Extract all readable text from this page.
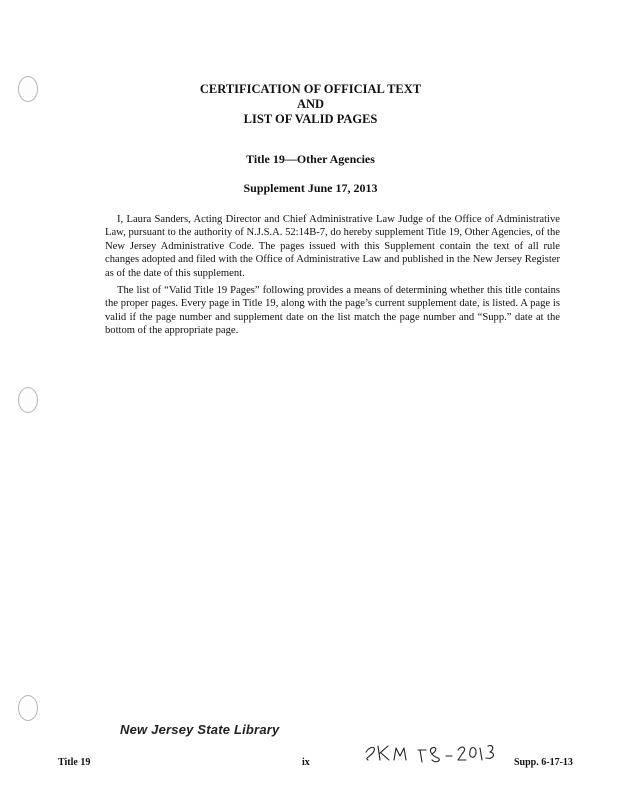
CERTIFICATION OF OFFICIAL TEXT
AND
LIST OF VALID PAGES
Title 19—Other Agencies
Supplement June 17, 2013

I, Laura Sanders, Acting Director and Chief Administrative Law Judge of the Office of Administrative Law, pursuant to the authority of N.J.S.A. 52:14B-7, do hereby supplement Title 19, Other Agencies, of the New Jersey Administrative Code. The pages issued with this Supplement contain the text of all rule changes adopted and filed with the Office of Administrative Law and published in the New Jersey Register as of the date of this supplement.

The list of “Valid Title 19 Pages” following provides a means of determining whether this title contains the proper pages. Every page in Title 19, along with the page’s current supplement date, is listed. A page is valid if the page number and supplement date on the list match the page number and “Supp.” date at the bottom of the appropriate page.

New Jersey State Library
Title 19	ix	Supp. 6-17-13
